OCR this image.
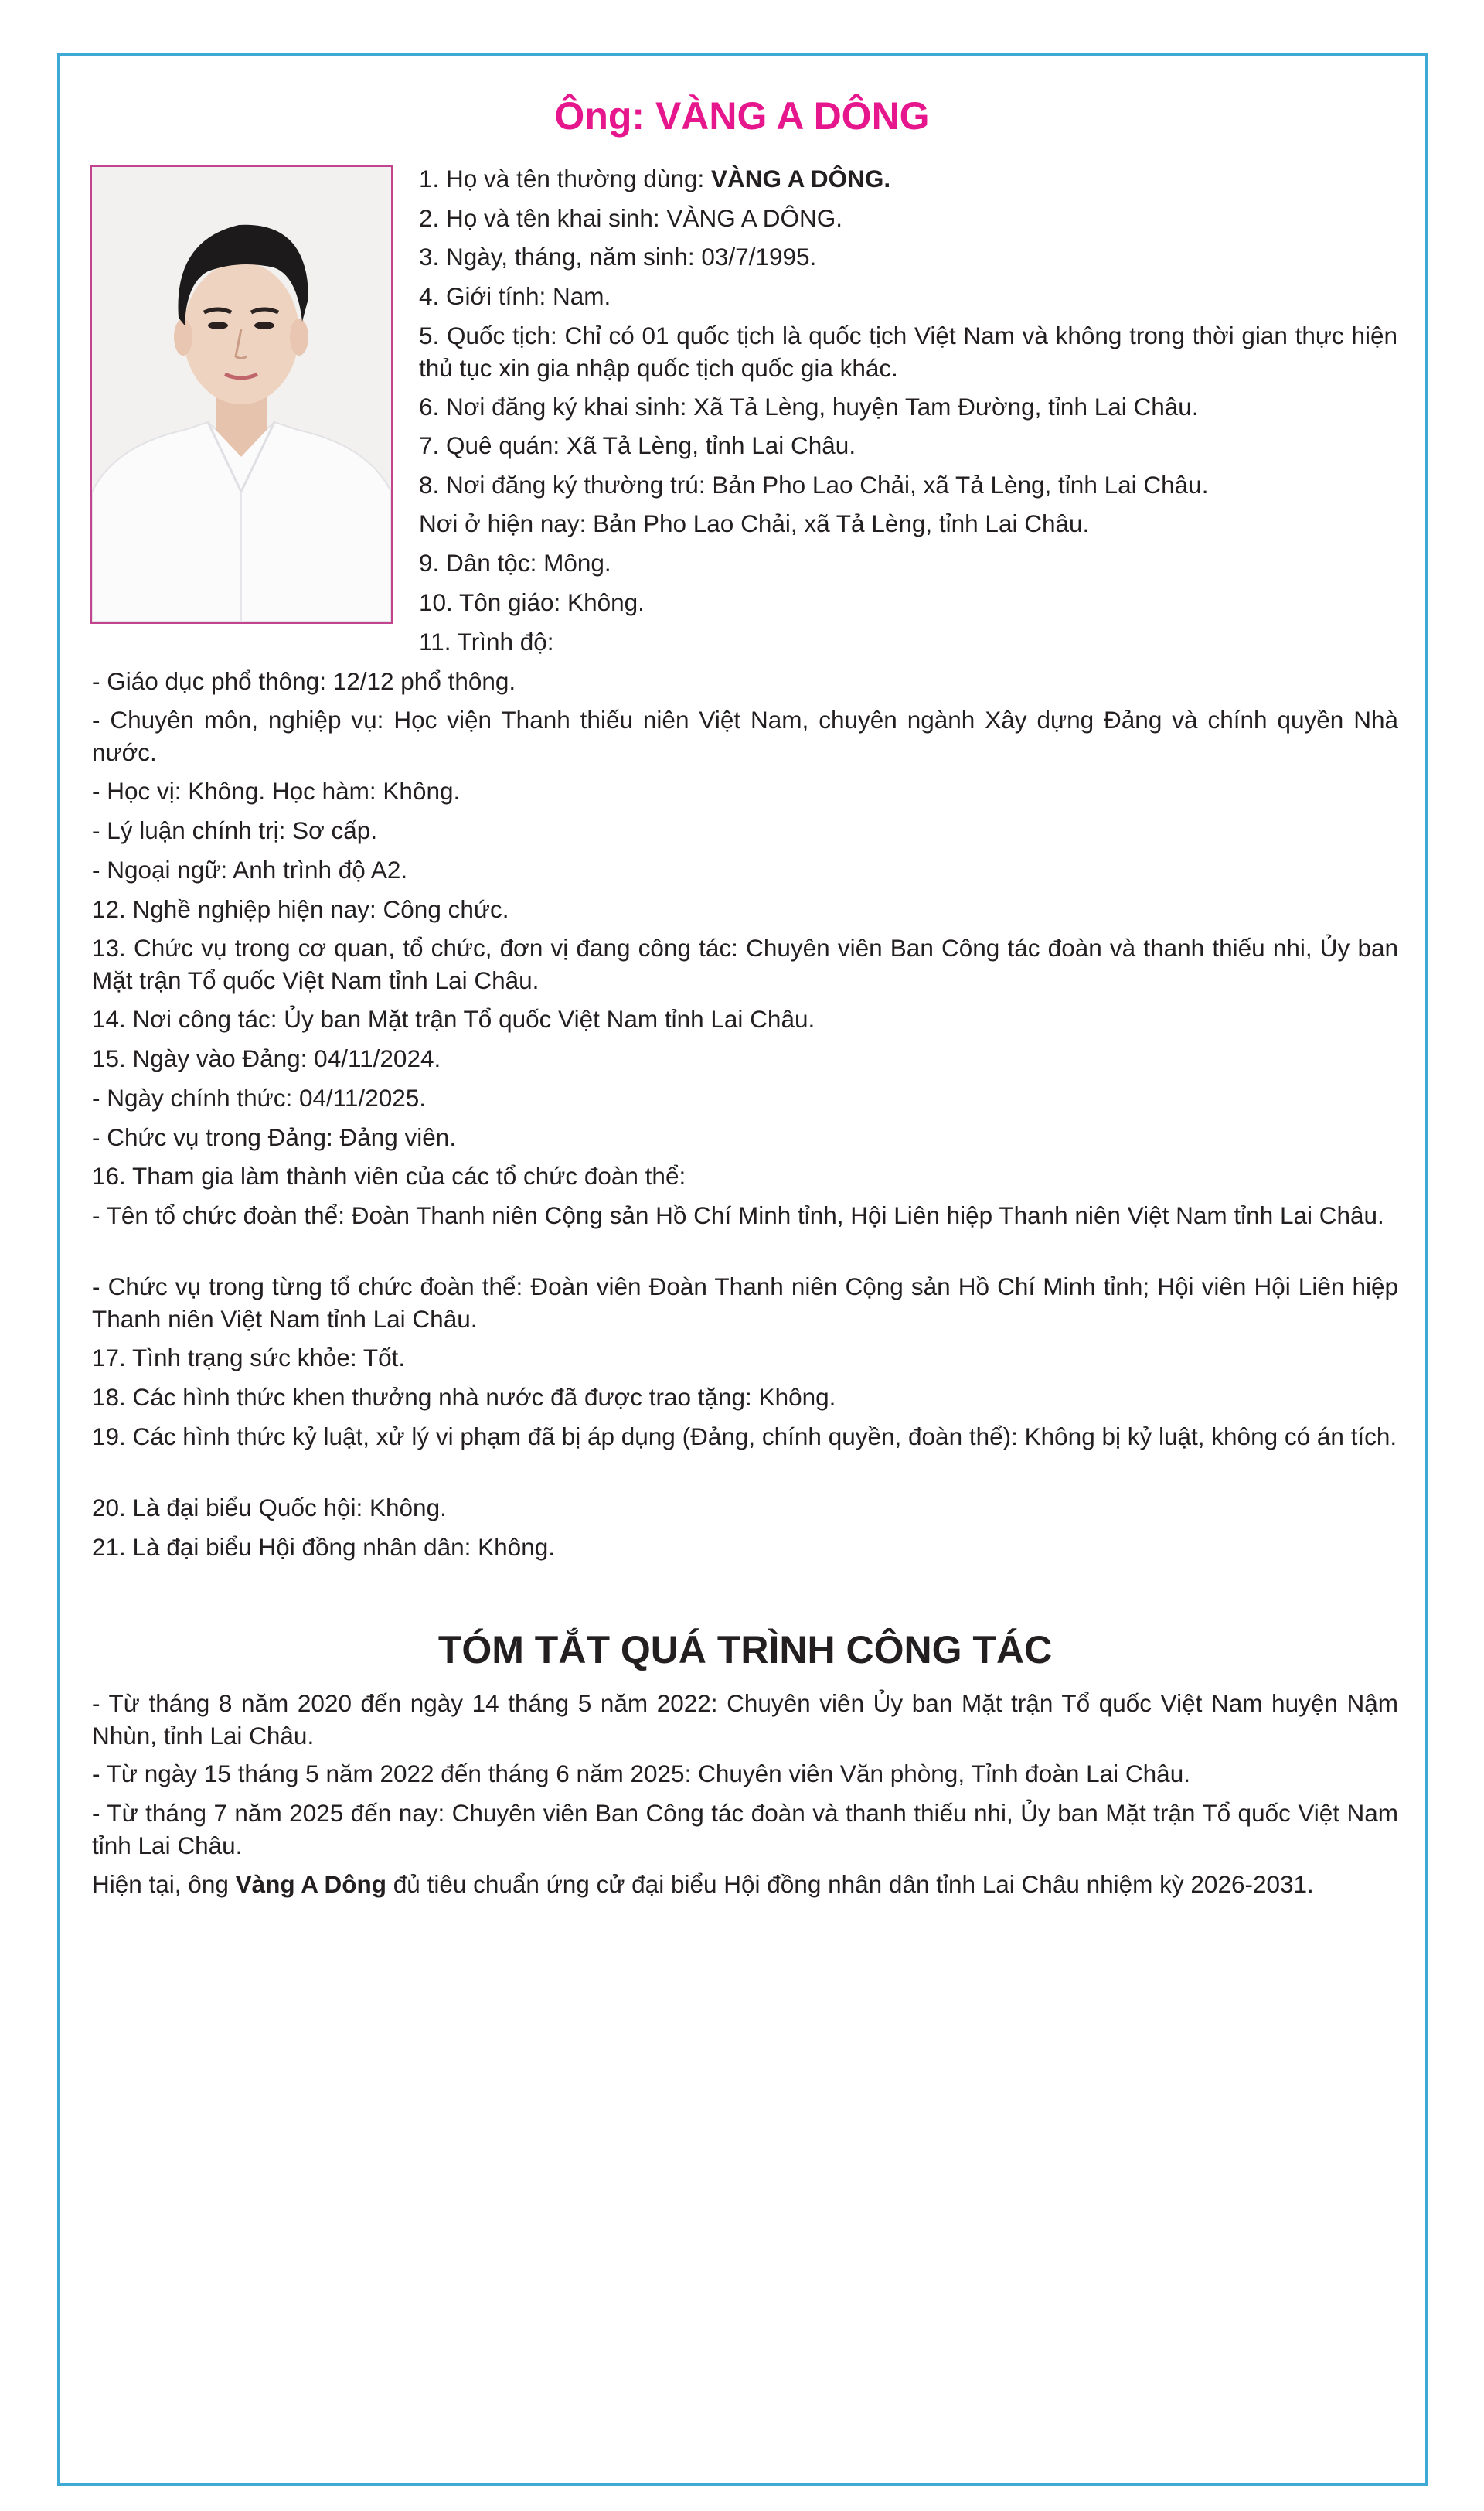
Ông: VÀNG A DÔNG
1. Họ và tên thường dùng: VÀNG A DÔNG.
2. Họ và tên khai sinh: VÀNG A DÔNG.
3. Ngày, tháng, năm sinh: 03/7/1995.
4. Giới tính: Nam.
5. Quốc tịch: Chỉ có 01 quốc tịch là quốc tịch Việt Nam và không trong thời gian thực hiện thủ tục xin gia nhập quốc tịch quốc gia khác.
6. Nơi đăng ký khai sinh: Xã Tả Lèng, huyện Tam Đường, tỉnh Lai Châu.
7. Quê quán: Xã Tả Lèng, tỉnh Lai Châu.
8. Nơi đăng ký thường trú: Bản Pho Lao Chải, xã Tả Lèng, tỉnh Lai Châu.
Nơi ở hiện nay: Bản Pho Lao Chải, xã Tả Lèng, tỉnh Lai Châu.
9. Dân tộc: Mông.
10. Tôn giáo: Không.
11. Trình độ:
- Giáo dục phổ thông: 12/12 phổ thông.
- Chuyên môn, nghiệp vụ: Học viện Thanh thiếu niên Việt Nam, chuyên ngành Xây dựng Đảng và chính quyền Nhà nước.
- Học vị: Không. Học hàm: Không.
- Lý luận chính trị: Sơ cấp.
- Ngoại ngữ: Anh trình độ A2.
12. Nghề nghiệp hiện nay: Công chức.
13. Chức vụ trong cơ quan, tổ chức, đơn vị đang công tác: Chuyên viên Ban Công tác đoàn và thanh thiếu nhi, Ủy ban Mặt trận Tổ quốc Việt Nam tỉnh Lai Châu.
14. Nơi công tác: Ủy ban Mặt trận Tổ quốc Việt Nam tỉnh Lai Châu.
15. Ngày vào Đảng: 04/11/2024.
- Ngày chính thức: 04/11/2025.
- Chức vụ trong Đảng: Đảng viên.
16. Tham gia làm thành viên của các tổ chức đoàn thể:
- Tên tổ chức đoàn thể: Đoàn Thanh niên Cộng sản Hồ Chí Minh tỉnh, Hội Liên hiệp Thanh niên Việt Nam tỉnh Lai Châu.
- Chức vụ trong từng tổ chức đoàn thể: Đoàn viên Đoàn Thanh niên Cộng sản Hồ Chí Minh tỉnh; Hội viên Hội Liên hiệp Thanh niên Việt Nam tỉnh Lai Châu.
17. Tình trạng sức khỏe: Tốt.
18. Các hình thức khen thưởng nhà nước đã được trao tặng: Không.
19. Các hình thức kỷ luật, xử lý vi phạm đã bị áp dụng (Đảng, chính quyền, đoàn thể): Không bị kỷ luật, không có án tích.
20. Là đại biểu Quốc hội: Không.
21. Là đại biểu Hội đồng nhân dân: Không.
TÓM TẮT QUÁ TRÌNH CÔNG TÁC
- Từ tháng 8 năm 2020 đến ngày 14 tháng 5 năm 2022: Chuyên viên Ủy ban Mặt trận Tổ quốc Việt Nam huyện Nậm Nhùn, tỉnh Lai Châu.
- Từ ngày 15 tháng 5 năm 2022 đến tháng 6 năm 2025: Chuyên viên Văn phòng, Tỉnh đoàn Lai Châu.
- Từ tháng 7 năm 2025 đến nay: Chuyên viên Ban Công tác đoàn và thanh thiếu nhi, Ủy ban Mặt trận Tổ quốc Việt Nam tỉnh Lai Châu.
Hiện tại, ông Vàng A Dông đủ tiêu chuẩn ứng cử đại biểu Hội đồng nhân dân tỉnh Lai Châu nhiệm kỳ 2026-2031.
